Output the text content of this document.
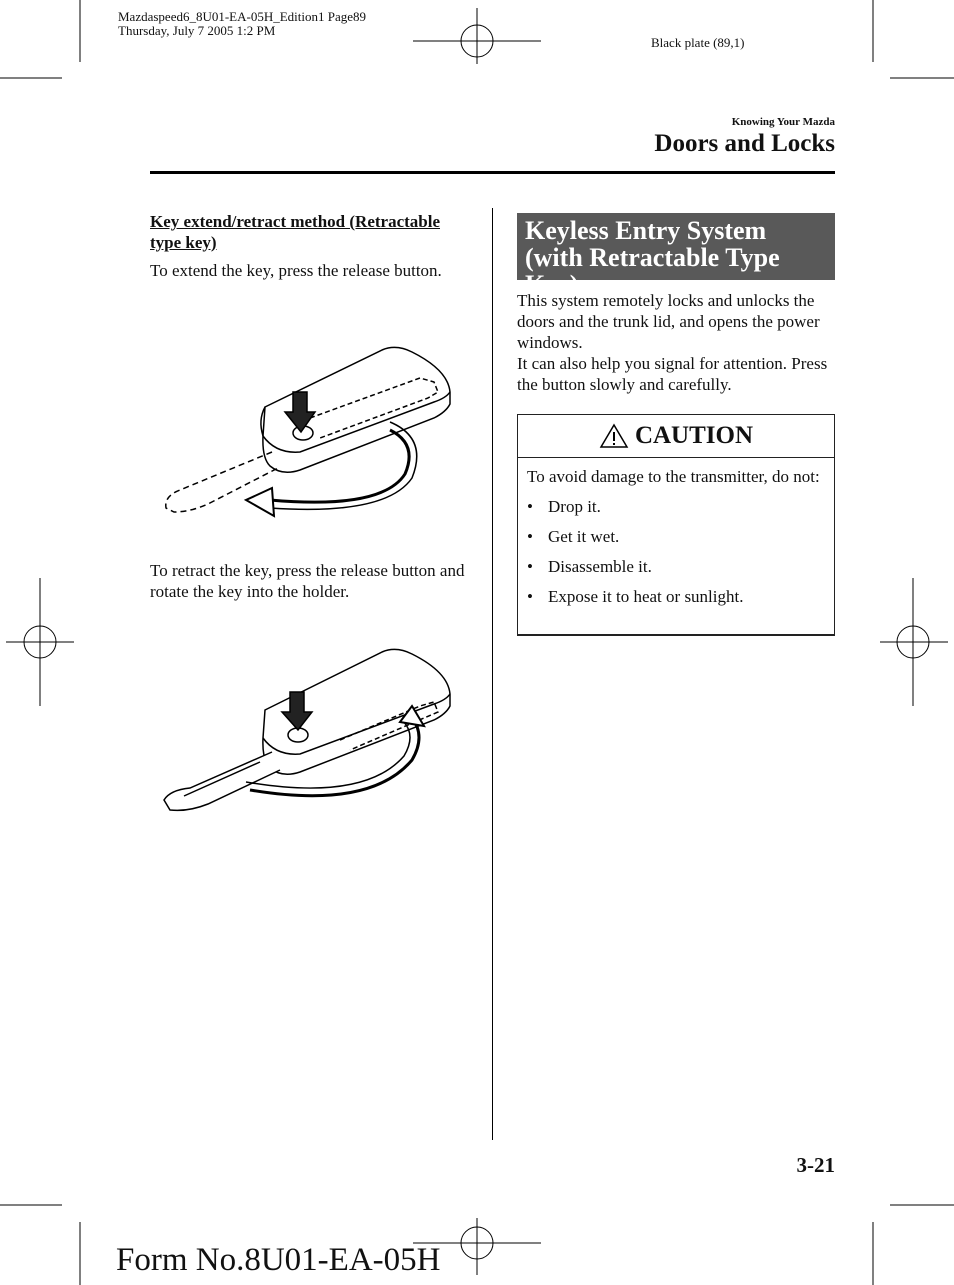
Mazdaspeed6_8U01-EA-05H_Edition1 Page89
Thursday, July 7 2005 1:2 PM
Black plate (89,1)
Knowing Your Mazda
Doors and Locks
Key extend/retract method (Retractable type key)
To extend the key, press the release button.
To retract the key, press the release button and rotate the key into the holder.
Keyless Entry System (with Retractable Type Key)
This system remotely locks and unlocks the doors and the trunk lid, and opens the power windows.
It can also help you signal for attention. Press the button slowly and carefully.
CAUTION
To avoid damage to the transmitter, do not:
• Drop it.
• Get it wet.
• Disassemble it.
• Expose it to heat or sunlight.
3-21
Form No.8U01-EA-05H
